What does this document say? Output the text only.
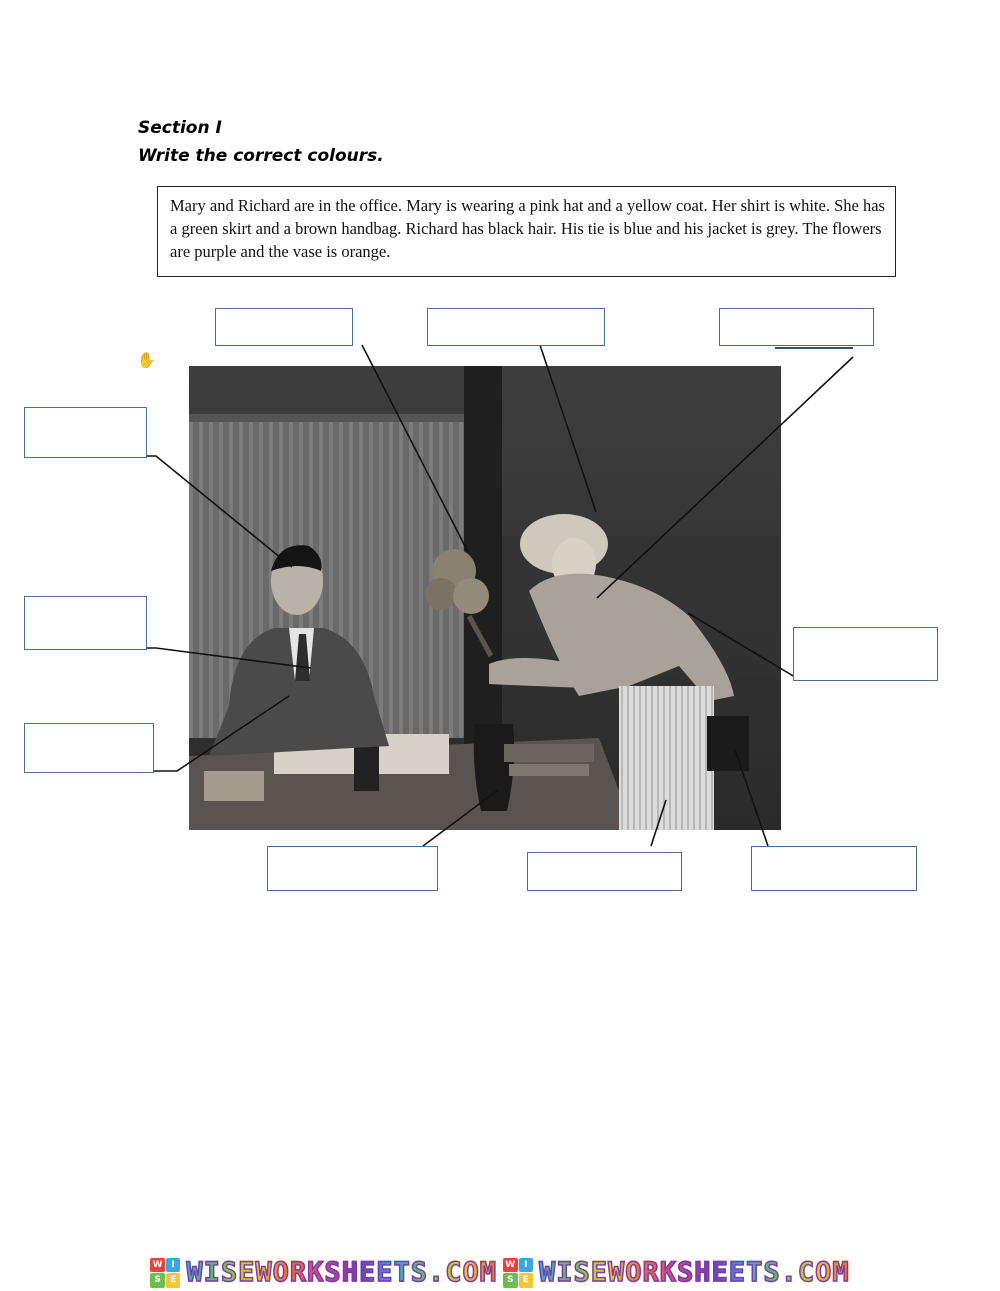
Section I
Write the correct colours.
Mary and Richard are in the office. Mary is wearing a pink hat and a yellow coat. Her shirt is white. She has a green skirt and a brown handbag. Richard has black hair. His tie is blue and his jacket is grey. The flowers are purple and the vase is orange.
✋
W I
S	E WISEWORKSHEETS.COM W I
S	E WISEWORKSHEETS.COM
